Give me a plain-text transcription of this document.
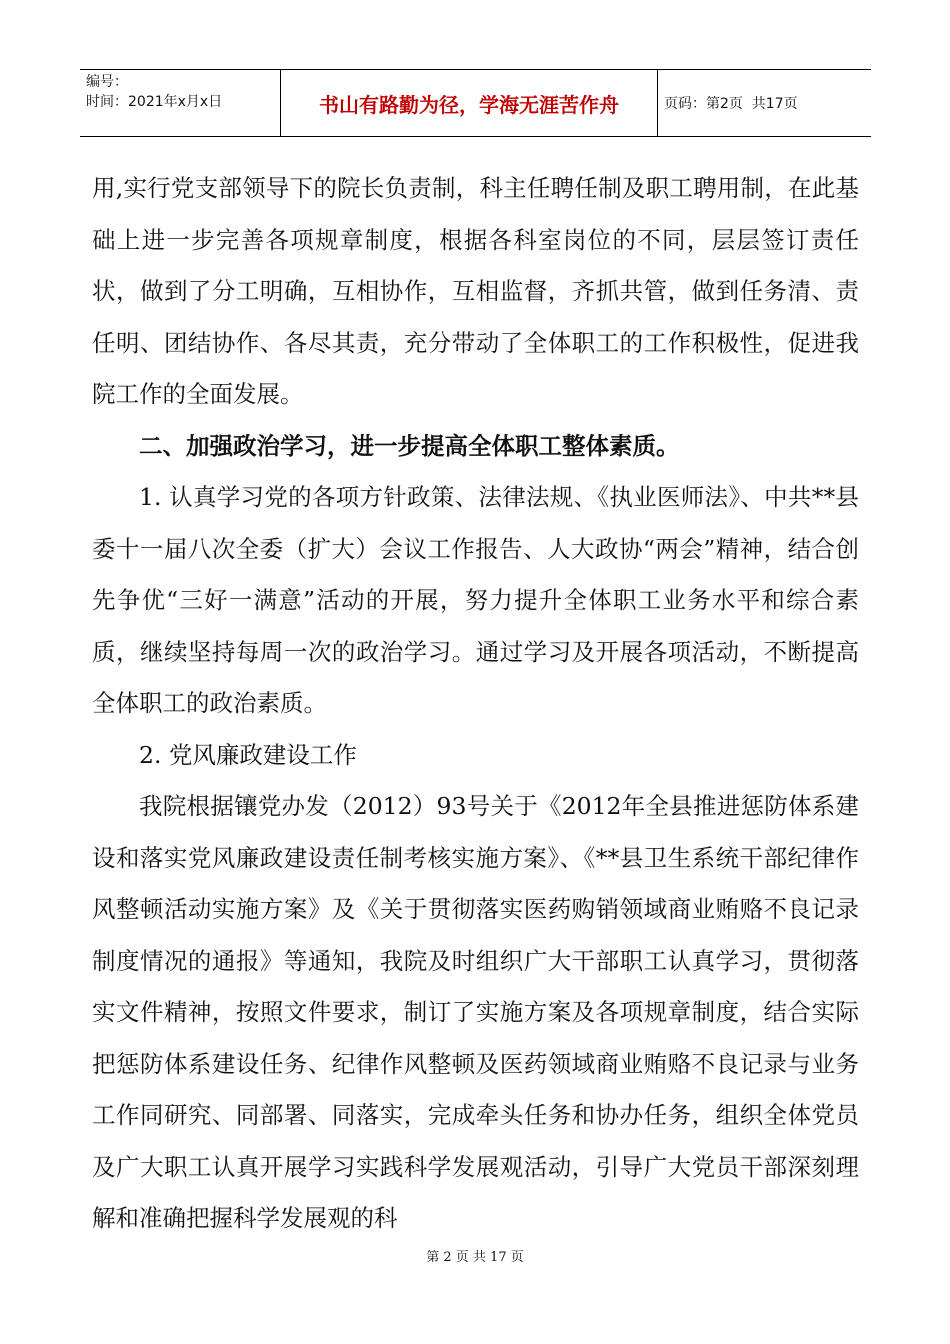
编号：
时间：2021年x月x日	书山有路勤为径，学海无涯苦作舟	页码：第2页  共17页

用,实行党支部领导下的院长负责制，科主任聘任制及职工聘用制，在此基础上进一步完善各项规章制度，根据各科室岗位的不同，层层签订责任状，做到了分工明确，互相协作，互相监督，齐抓共管，做到任务清、责任明、团结协作、各尽其责，充分带动了全体职工的工作积极性，促进我院工作的全面发展。

二、加强政治学习，进一步提高全体职工整体素质。

1. 认真学习党的各项方针政策、法律法规、《执业医师法》、中共**县委十一届八次全委（扩大）会议工作报告、人大政协“两会”精神，结合创先争优“三好一满意”活动的开展，努力提升全体职工业务水平和综合素质，继续坚持每周一次的政治学习。通过学习及开展各项活动，不断提高全体职工的政治素质。

2. 党风廉政建设工作

我院根据镶党办发（2012）93号关于《2012年全县推进惩防体系建设和落实党风廉政建设责任制考核实施方案》、《**县卫生系统干部纪律作风整顿活动实施方案》及《关于贯彻落实医药购销领域商业贿赂不良记录制度情况的通报》等通知，我院及时组织广大干部职工认真学习，贯彻落实文件精神，按照文件要求，制订了实施方案及各项规章制度，结合实际把惩防体系建设任务、纪律作风整顿及医药领域商业贿赂不良记录与业务工作同研究、同部署、同落实，完成牵头任务和协办任务，组织全体党员及广大职工认真开展学习实践科学发展观活动，引导广大党员干部深刻理解和准确把握科学发展观的科

第 2 页 共 17 页
